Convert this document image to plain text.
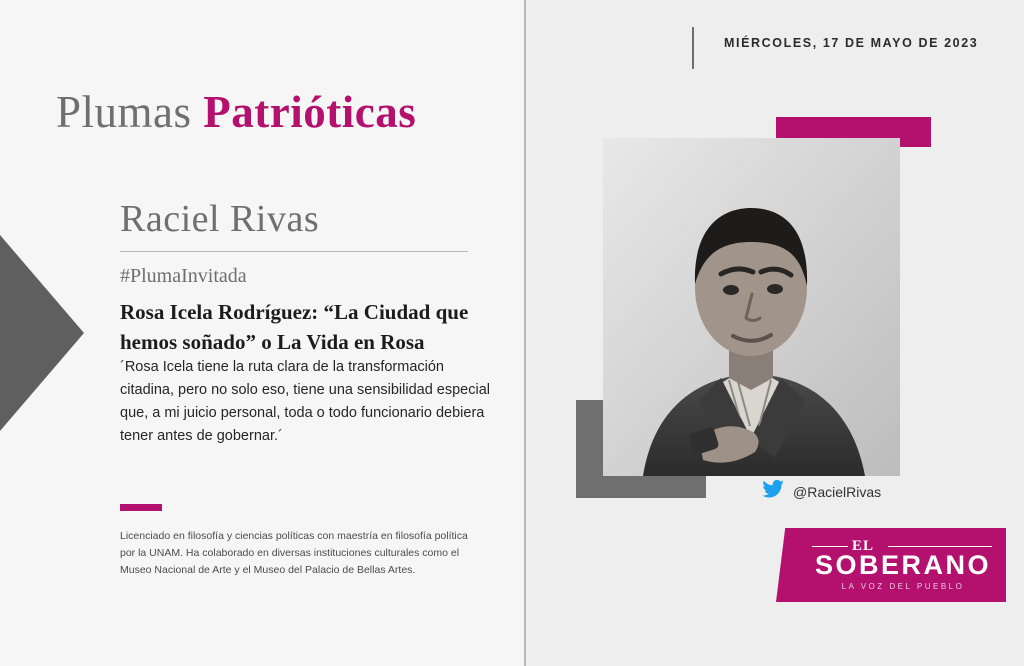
Plumas Patrióticas
Raciel Rivas
#PlumaInvitada
Rosa Icela Rodríguez: “La Ciudad que hemos soñado” o La Vida en Rosa
´Rosa Icela tiene la ruta clara de la transformación citadina, pero no solo eso, tiene una sensibilidad especial que, a mi juicio personal, toda o todo funcionario debiera tener antes de gobernar.´
Licenciado en filosofía y ciencias políticas con maestría en filosofía política por la UNAM. Ha colaborado en diversas instituciones culturales como el Museo Nacional de Arte y el Museo del Palacio de Bellas Artes.
MIÉRCOLES, 17 DE MAYO DE 2023
@RacielRivas
EL
SOBERANO
LA VOZ DEL PUEBLO
